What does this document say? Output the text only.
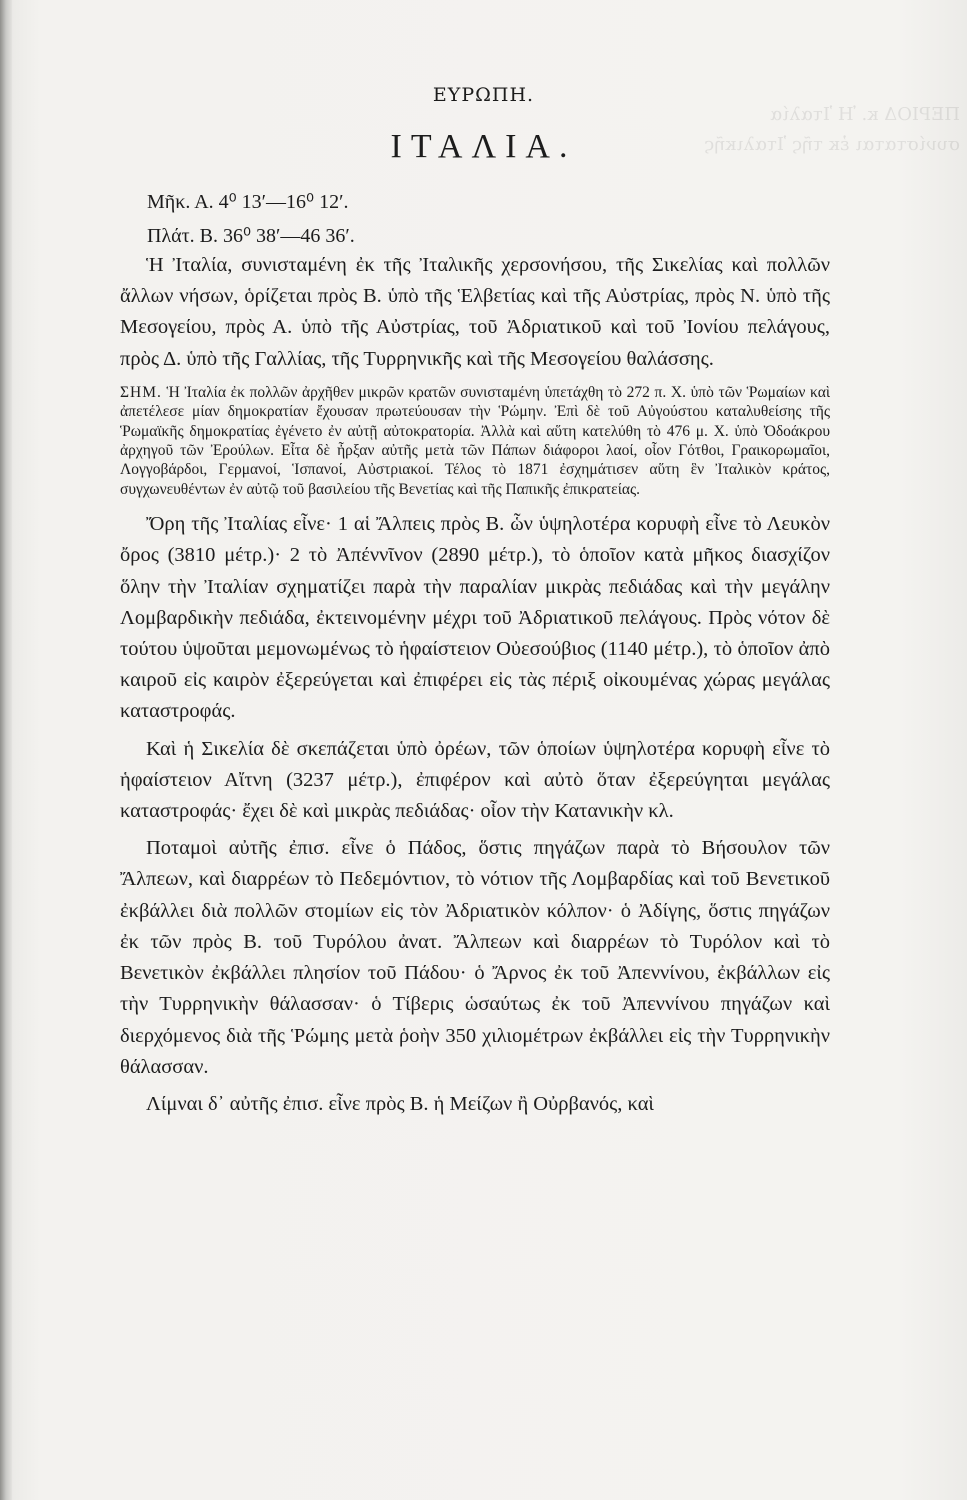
ΠΕΡΙΟΔ κ. Ἡ Ἰταλία συνίσταται ἐκ τῆς Ἰταλικῆς
ΕΥΡΩΠΗ.
ΙΤΑΛΙΑ.
Μῆκ. Α. 4⁰ 13′—16⁰ 12′.
Πλάτ. Β. 36⁰ 38′—46 36′.

Ἡ Ἰταλία, συνισταμένη ἐκ τῆς Ἰταλικῆς χερσονήσου, τῆς Σικελίας καὶ πολλῶν ἄλλων νήσων, ὁρίζεται πρὸς Β. ὑπὸ τῆς Ἑλβετίας καὶ τῆς Αὐστρίας, πρὸς Ν. ὑπὸ τῆς Μεσογείου, πρὸς Α. ὑπὸ τῆς Αὐστρίας, τοῦ Ἀδριατικοῦ καὶ τοῦ Ἰονίου πελάγους, πρὸς Δ. ὑπὸ τῆς Γαλλίας, τῆς Τυρρηνικῆς καὶ τῆς Μεσογείου θαλάσσης.

ΣΗΜ. Ἡ Ἰταλία ἐκ πολλῶν ἀρχῆθεν μικρῶν κρατῶν συνισταμένη ὑπετάχθη τὸ 272 π. Χ. ὑπὸ τῶν Ῥωμαίων καὶ ἀπετέλεσε μίαν δημοκρατίαν ἔχουσαν πρωτεύουσαν τὴν Ῥώμην. Ἐπὶ δὲ τοῦ Αὐγούστου καταλυθείσης τῆς Ῥωμαϊκῆς δημοκρατίας ἐγένετο ἐν αὐτῇ αὐτοκρατορία. Ἀλλὰ καὶ αὕτη κατελύθη τὸ 476 μ. Χ. ὑπὸ Ὀδοάκρου ἀρχηγοῦ τῶν Ἐρούλων. Εἶτα δὲ ἦρξαν αὐτῆς μετὰ τῶν Πάπων διάφοροι λαοί, οἷον Γότθοι, Γραικορωμαῖοι, Λογγοβάρδοι, Γερμανοί, Ἱσπανοί, Αὐστριακοί. Τέλος τὸ 1871 ἐσχημάτισεν αὕτη ἓν Ἰταλικὸν κράτος, συγχωνευθέντων ἐν αὐτῷ τοῦ βασιλείου τῆς Βενετίας καὶ τῆς Παπικῆς ἐπικρατείας.

Ὄρη τῆς Ἰταλίας εἶνε· 1 αἱ Ἄλπεις πρὸς Β. ὧν ὑψηλοτέρα κορυφὴ εἶνε τὸ Λευκὸν ὄρος (3810 μέτρ.)· 2 τὸ Ἀπέννῖνον (2890 μέτρ.), τὸ ὁποῖον κατὰ μῆκος διασχίζον ὅλην τὴν Ἰταλίαν σχηματίζει παρὰ τὴν παραλίαν μικρὰς πεδιάδας καὶ τὴν μεγάλην Λομβαρδικὴν πεδιάδα, ἐκτεινομένην μέχρι τοῦ Ἀδριατικοῦ πελάγους. Πρὸς νότον δὲ τούτου ὑψοῦται μεμονωμένως τὸ ἡφαίστειον Οὐεσούβιος (1140 μέτρ.), τὸ ὁποῖον ἀπὸ καιροῦ εἰς καιρὸν ἐξερεύγεται καὶ ἐπιφέρει εἰς τὰς πέριξ οἰκουμένας χώρας μεγάλας καταστροφάς.

Καὶ ἡ Σικελία δὲ σκεπάζεται ὑπὸ ὀρέων, τῶν ὁποίων ὑψηλοτέρα κορυφὴ εἶνε τὸ ἡφαίστειον Αἴτνη (3237 μέτρ.), ἐπιφέρον καὶ αὐτὸ ὅταν ἐξερεύγηται μεγάλας καταστροφάς· ἔχει δὲ καὶ μικρὰς πεδιάδας· οἷον τὴν Κατανικὴν κλ.

Ποταμοὶ αὐτῆς ἐπισ. εἶνε ὁ Πάδος, ὅστις πηγάζων παρὰ τὸ Βήσουλον τῶν Ἄλπεων, καὶ διαρρέων τὸ Πεδεμόντιον, τὸ νότιον τῆς Λομβαρδίας καὶ τοῦ Βενετικοῦ ἐκβάλλει διὰ πολλῶν στομίων εἰς τὸν Ἀδριατικὸν κόλπον· ὁ Ἀδίγης, ὅστις πηγάζων ἐκ τῶν πρὸς Β. τοῦ Τυρόλου ἀνατ. Ἄλπεων καὶ διαρρέων τὸ Τυρόλον καὶ τὸ Βενετικὸν ἐκβάλλει πλησίον τοῦ Πάδου· ὁ Ἄρνος ἐκ τοῦ Ἀπεννίνου, ἐκβάλλων εἰς τὴν Τυρρηνικὴν θάλασσαν· ὁ Τίβερις ὡσαύτως ἐκ τοῦ Ἀπεννίνου πηγάζων καὶ διερχόμενος διὰ τῆς Ῥώμης μετὰ ῥοὴν 350 χιλιομέτρων ἐκβάλλει εἰς τὴν Τυρρηνικὴν θάλασσαν.

Λίμναι δ᾽ αὐτῆς ἐπισ. εἶνε πρὸς Β. ἡ Μείζων ἢ Οὐρβανός, καὶ
